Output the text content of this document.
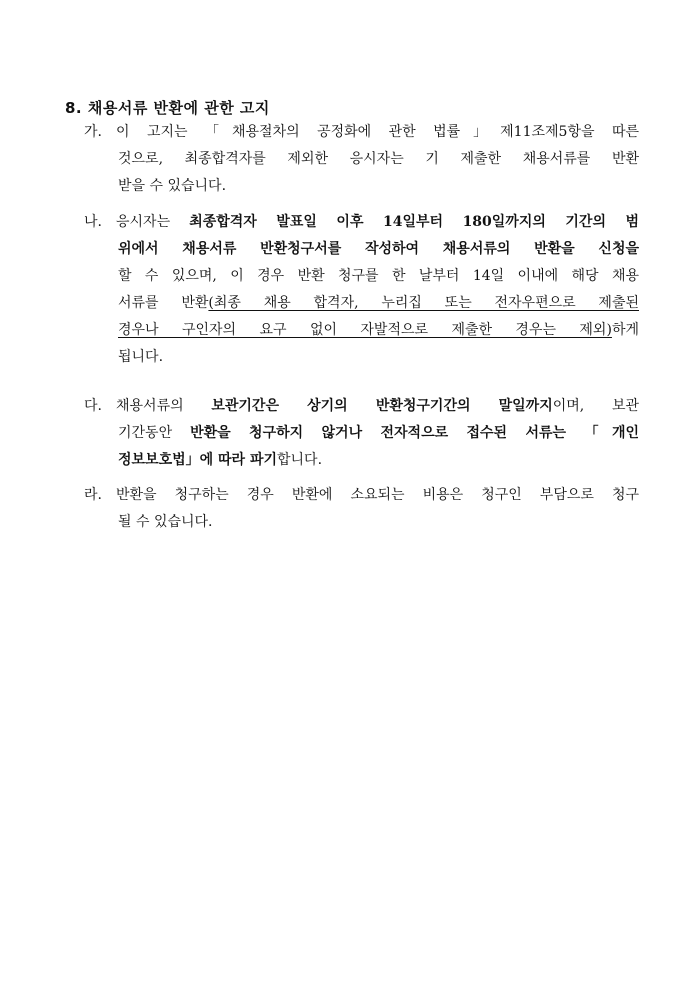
8. 채용서류 반환에 관한 고지
가. 이 고지는 「채용절차의 공정화에 관한 법률」제11조제5항을 따른
것으로, 최종합격자를 제외한 응시자는 기 제출한 채용서류를 반환
받을 수 있습니다.
나. 응시자는 최종합격자 발표일 이후 14일부터 180일까지의 기간의 범
위에서 채용서류 반환청구서를 작성하여 채용서류의 반환을 신청을
할 수 있으며, 이 경우 반환 청구를 한 날부터 14일 이내에 해당 채용
서류를 반환(최종 채용 합격자, 누리집 또는 전자우편으로 제출된
경우나 구인자의 요구 없이 자발적으로 제출한 경우는 제외)하게
됩니다.
다. 채용서류의 보관기간은 상기의 반환청구기간의 말일까지이며, 보관
기간동안 반환을 청구하지 않거나 전자적으로 접수된 서류는 「개인
정보보호법」에 따라 파기합니다.
라. 반환을 청구하는 경우 반환에 소요되는 비용은 청구인 부담으로 청구
될 수 있습니다.
